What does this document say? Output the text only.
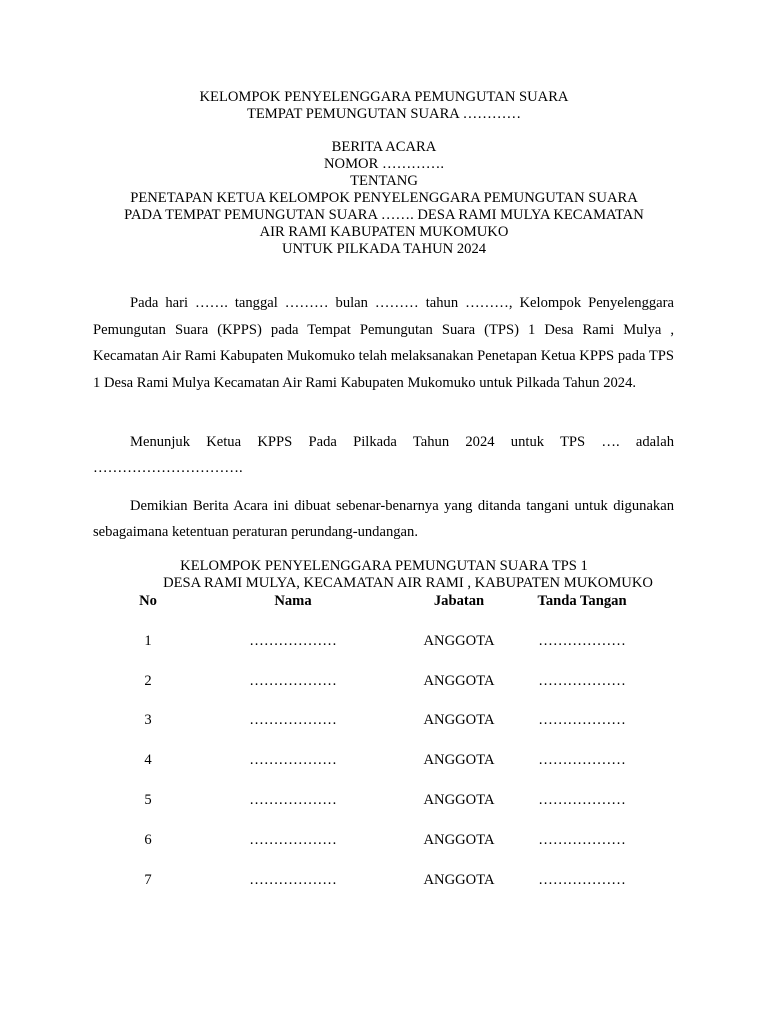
KELOMPOK PENYELENGGARA PEMUNGUTAN SUARA
TEMPAT PEMUNGUTAN SUARA …………
BERITA ACARA
NOMOR ………….
TENTANG
PENETAPAN KETUA KELOMPOK PENYELENGGARA PEMUNGUTAN SUARA
PADA TEMPAT PEMUNGUTAN SUARA ……. DESA RAMI MULYA KECAMATAN
AIR RAMI KABUPATEN MUKOMUKO
UNTUK PILKADA TAHUN 2024
Pada hari ……. tanggal ……… bulan ……… tahun ………, Kelompok Penyelenggara Pemungutan Suara (KPPS) pada Tempat Pemungutan Suara (TPS) 1 Desa Rami Mulya , Kecamatan Air Rami Kabupaten Mukomuko telah melaksanakan Penetapan Ketua KPPS pada TPS 1 Desa Rami Mulya Kecamatan Air Rami Kabupaten Mukomuko untuk Pilkada Tahun 2024.
Menunjuk Ketua KPPS Pada Pilkada Tahun 2024 untuk TPS …. adalah
………………………….
Demikian Berita Acara ini dibuat sebenar-benarnya yang ditanda tangani untuk digunakan sebagaimana ketentuan peraturan perundang-undangan.
KELOMPOK PENYELENGGARA PEMUNGUTAN SUARA TPS 1
DESA RAMI MULYA, KECAMATAN AIR RAMI , KABUPATEN MUKOMUKO
No	Nama	Jabatan	Tanda Tangan
1	………………	ANGGOTA	………………
2	………………	ANGGOTA	………………
3	………………	ANGGOTA	………………
4	………………	ANGGOTA	………………
5	………………	ANGGOTA	………………
6	………………	ANGGOTA	………………
7	………………	ANGGOTA	………………
